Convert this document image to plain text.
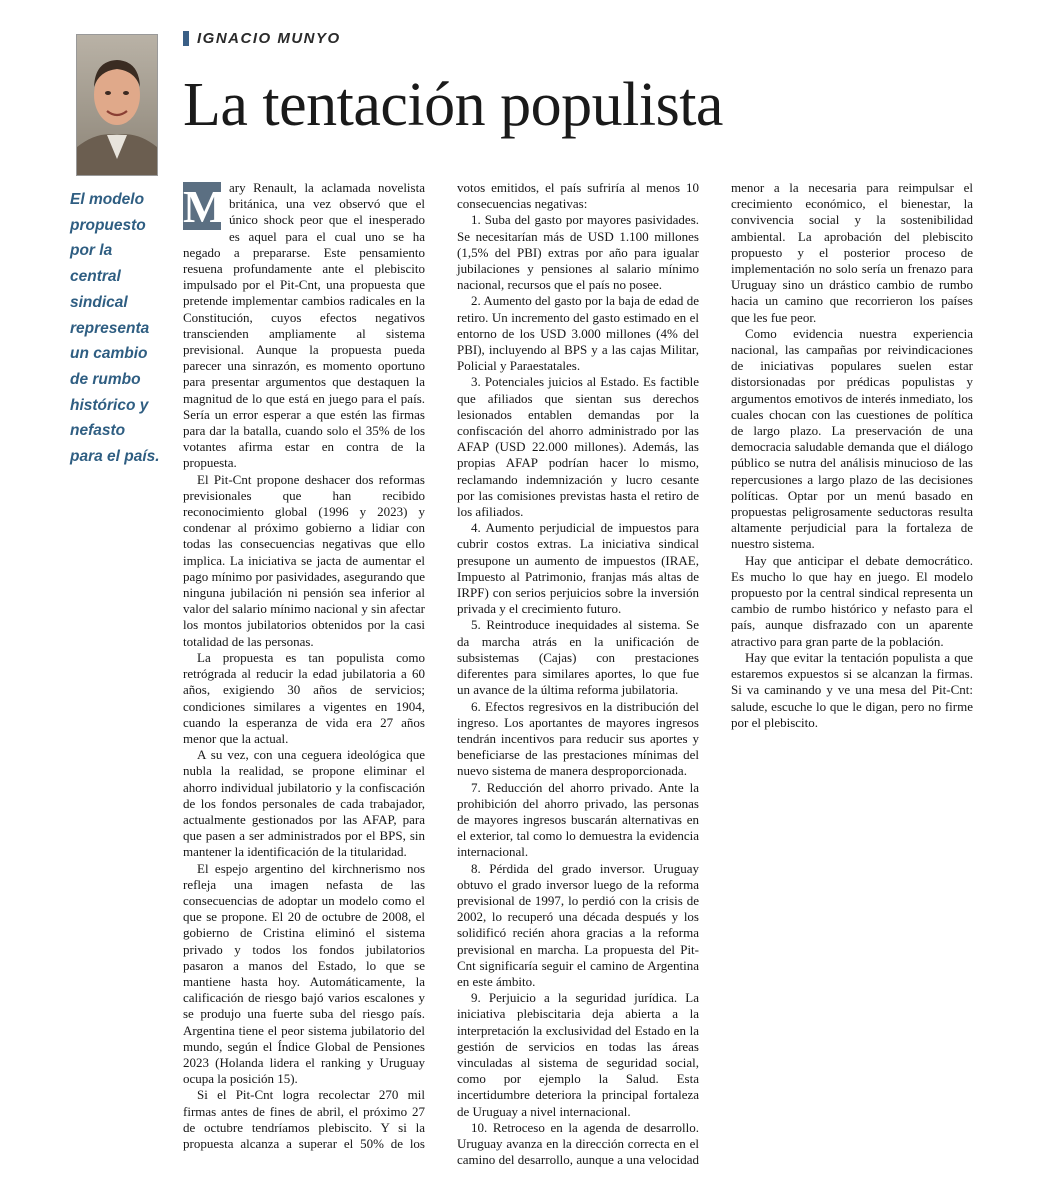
IGNACIO MUNYO
La tentación populista

El modelo propuesto por la central sindical representa un cambio de rumbo histórico y nefasto para el país.

M ary Renault, la aclamada novelista británica, una vez observó que el único shock peor que el inesperado es aquel para el cual uno se ha negado a prepararse. Este pensamiento resuena profundamente ante el plebiscito impulsado por el Pit-Cnt, una propuesta que pretende implementar cambios radicales en la Constitución, cuyos efectos negativos transcienden ampliamente al sistema previsional. Aunque la propuesta pueda parecer una sinrazón, es momento oportuno para presentar argumentos que destaquen la magnitud de lo que está en juego para el país. Sería un error esperar a que estén las firmas para dar la batalla, cuando solo el 35% de los votantes afirma estar en contra de la propuesta.

El Pit-Cnt propone deshacer dos reformas previsionales que han recibido reconocimiento global (1996 y 2023) y condenar al próximo gobierno a lidiar con todas las consecuencias negativas que ello implica. La iniciativa se jacta de aumentar el pago mínimo por pasividades, asegurando que ninguna jubilación ni pensión sea inferior al valor del salario mínimo nacional y sin afectar los montos jubilatorios obtenidos por la casi totalidad de las personas.

La propuesta es tan populista como retrógrada al reducir la edad jubilatoria a 60 años, exigiendo 30 años de servicios; condiciones similares a vigentes en 1904, cuando la esperanza de vida era 27 años menor que la actual.

A su vez, con una ceguera ideológica que nubla la realidad, se propone eliminar el ahorro individual jubilatorio y la confiscación de los fondos personales de cada trabajador, actualmente gestionados por las AFAP, para que pasen a ser administrados por el BPS, sin mantener la identificación de la titularidad.

El espejo argentino del kirchnerismo nos refleja una imagen nefasta de las consecuencias de adoptar un modelo como el que se propone. El 20 de octubre de 2008, el gobierno de Cristina eliminó el sistema privado y todos los fondos jubilatorios pasaron a manos del Estado, lo que se mantiene hasta hoy. Automáticamente, la calificación de riesgo bajó varios escalones y se produjo una fuerte suba del riesgo país. Argentina tiene el peor sistema jubilatorio del mundo, según el Índice Global de Pensiones 2023 (Holanda lidera el ranking y Uruguay ocupa la posición 15).

Si el Pit-Cnt logra recolectar 270 mil firmas antes de fines de abril, el próximo 27 de octubre tendríamos plebiscito. Y si la propuesta alcanza a superar el 50% de los votos emitidos, el país sufriría al menos 10 consecuencias negativas:

1. Suba del gasto por mayores pasividades. Se necesitarían más de USD 1.100 millones (1,5% del PBI) extras por año para igualar jubilaciones y pensiones al salario mínimo nacional, recursos que el país no posee.

2. Aumento del gasto por la baja de edad de retiro. Un incremento del gasto estimado en el entorno de los USD 3.000 millones (4% del PBI), incluyendo al BPS y a las cajas Militar, Policial y Paraestatales.

3. Potenciales juicios al Estado. Es factible que afiliados que sientan sus derechos lesionados entablen demandas por la confiscación del ahorro administrado por las AFAP (USD 22.000 millones). Además, las propias AFAP podrían hacer lo mismo, reclamando indemnización y lucro cesante por las comisiones previstas hasta el retiro de los afiliados.

4. Aumento perjudicial de impuestos para cubrir costos extras. La iniciativa sindical presupone un aumento de impuestos (IRAE, Impuesto al Patrimonio, franjas más altas de IRPF) con serios perjuicios sobre la inversión privada y el crecimiento futuro.

5. Reintroduce inequidades al sistema. Se da marcha atrás en la unificación de subsistemas (Cajas) con prestaciones diferentes para similares aportes, lo que fue un avance de la última reforma jubilatoria.

6. Efectos regresivos en la distribución del ingreso. Los aportantes de mayores ingresos tendrán incentivos para reducir sus aportes y beneficiarse de las prestaciones mínimas del nuevo sistema de manera desproporcionada.

7. Reducción del ahorro privado. Ante la prohibición del ahorro privado, las personas de mayores ingresos buscarán alternativas en el exterior, tal como lo demuestra la evidencia internacional.

8. Pérdida del grado inversor. Uruguay obtuvo el grado inversor luego de la reforma previsional de 1997, lo perdió con la crisis de 2002, lo recuperó una década después y los solidificó recién ahora gracias a la reforma previsional en marcha. La propuesta del Pit-Cnt significaría seguir el camino de Argentina en este ámbito.

9. Perjuicio a la seguridad jurídica. La iniciativa plebiscitaria deja abierta a la interpretación la exclusividad del Estado en la gestión de servicios en todas las áreas vinculadas al sistema de seguridad social, como por ejemplo la Salud. Esta incertidumbre deteriora la principal fortaleza de Uruguay a nivel internacional.

10. Retroceso en la agenda de desarrollo. Uruguay avanza en la dirección correcta en el camino del desarrollo, aunque a una velocidad menor a la necesaria para reimpulsar el crecimiento económico, el bienestar, la convivencia social y la sostenibilidad ambiental. La aprobación del plebiscito propuesto y el posterior proceso de implementación no solo sería un frenazo para Uruguay sino un drástico cambio de rumbo hacia un camino que recorrieron los países que les fue peor.

Como evidencia nuestra experiencia nacional, las campañas por reivindicaciones de iniciativas populares suelen estar distorsionadas por prédicas populistas y argumentos emotivos de interés inmediato, los cuales chocan con las cuestiones de política de largo plazo. La preservación de una democracia saludable demanda que el diálogo público se nutra del análisis minucioso de las repercusiones a largo plazo de las decisiones políticas. Optar por un menú basado en propuestas peligrosamente seductoras resulta altamente perjudicial para la fortaleza de nuestro sistema.

Hay que anticipar el debate democrático. Es mucho lo que hay en juego. El modelo propuesto por la central sindical representa un cambio de rumbo histórico y nefasto para el país, aunque disfrazado con un aparente atractivo para gran parte de la población.

Hay que evitar la tentación populista a que estaremos expuestos si se alcanzan la firmas. Si va caminando y ve una mesa del Pit-Cnt: salude, escuche lo que le digan, pero no firme por el plebiscito.
